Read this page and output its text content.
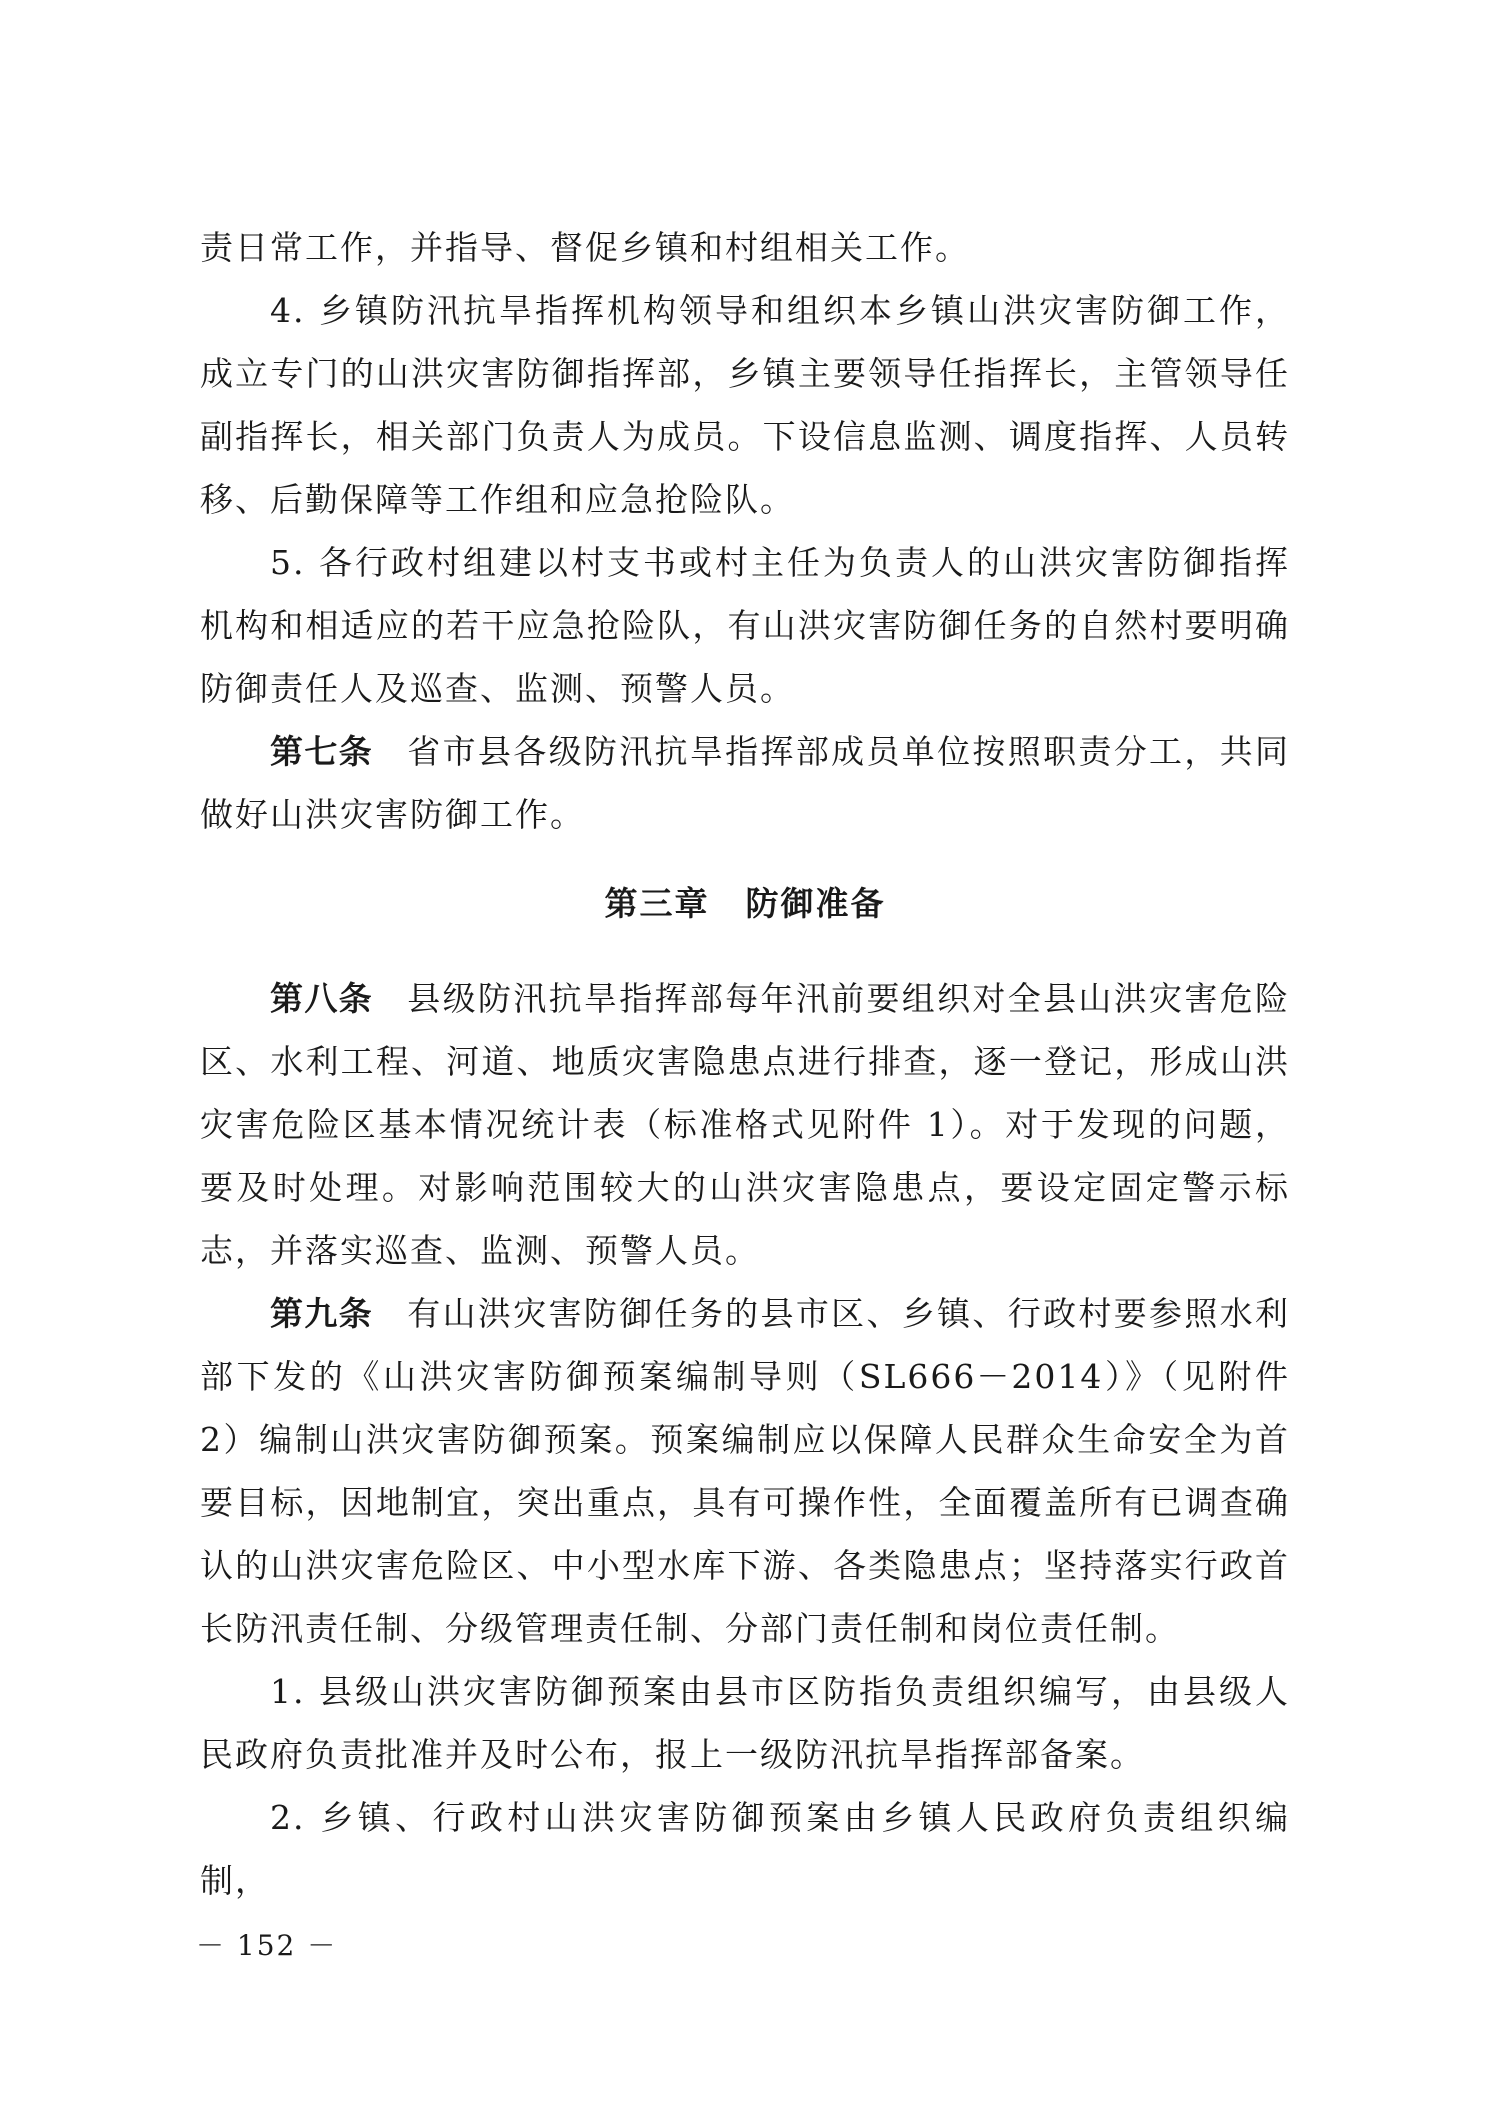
责日常工作，并指导、督促乡镇和村组相关工作。

4. 乡镇防汛抗旱指挥机构领导和组织本乡镇山洪灾害防御工作，成立专门的山洪灾害防御指挥部，乡镇主要领导任指挥长，主管领导任副指挥长，相关部门负责人为成员。下设信息监测、调度指挥、人员转移、后勤保障等工作组和应急抢险队。

5. 各行政村组建以村支书或村主任为负责人的山洪灾害防御指挥机构和相适应的若干应急抢险队，有山洪灾害防御任务的自然村要明确防御责任人及巡查、监测、预警人员。

第七条 省市县各级防汛抗旱指挥部成员单位按照职责分工，共同做好山洪灾害防御工作。

第三章 防御准备

第八条 县级防汛抗旱指挥部每年汛前要组织对全县山洪灾害危险区、水利工程、河道、地质灾害隐患点进行排查，逐一登记，形成山洪灾害危险区基本情况统计表（标准格式见附件 1）。对于发现的问题，要及时处理。对影响范围较大的山洪灾害隐患点，要设定固定警示标志，并落实巡查、监测、预警人员。

第九条 有山洪灾害防御任务的县市区、乡镇、行政村要参照水利部下发的《山洪灾害防御预案编制导则（SL666－2014）》（见附件 2）编制山洪灾害防御预案。预案编制应以保障人民群众生命安全为首要目标，因地制宜，突出重点，具有可操作性，全面覆盖所有已调查确认的山洪灾害危险区、中小型水库下游、各类隐患点；坚持落实行政首长防汛责任制、分级管理责任制、分部门责任制和岗位责任制。

1. 县级山洪灾害防御预案由县市区防指负责组织编写，由县级人民政府负责批准并及时公布，报上一级防汛抗旱指挥部备案。

2. 乡镇、行政村山洪灾害防御预案由乡镇人民政府负责组织编制，

－ 152 －
